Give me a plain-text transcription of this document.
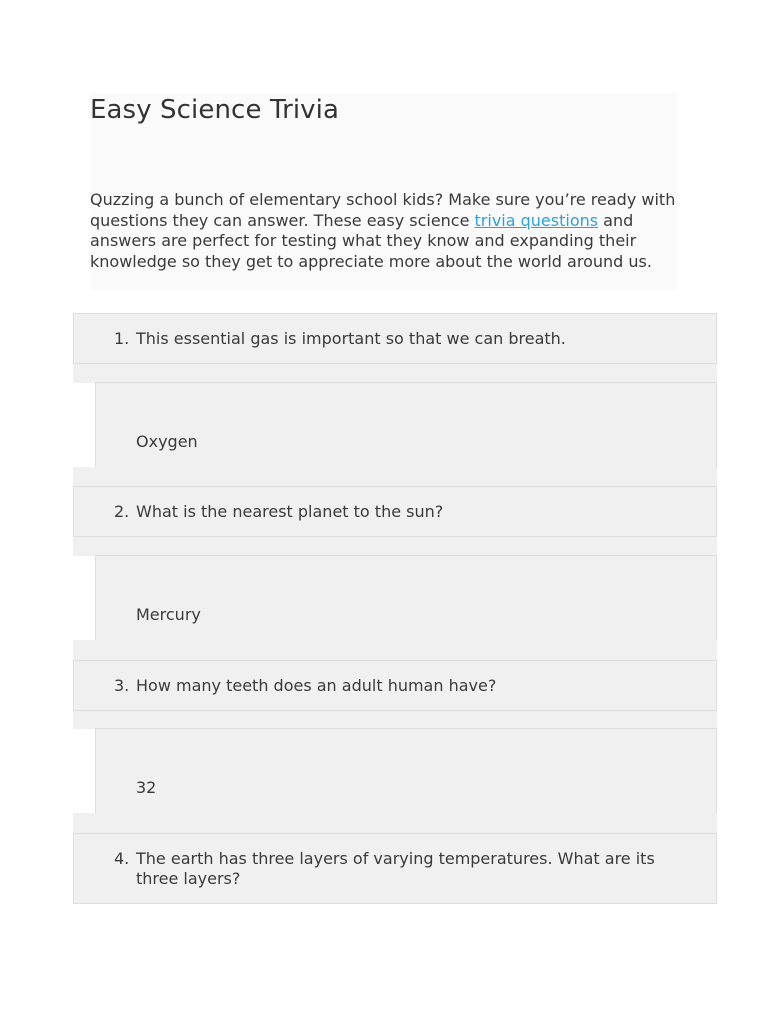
Easy Science Trivia

Quzzing a bunch of elementary school kids? Make sure you’re ready with questions they can answer. These easy science trivia questions and answers are perfect for testing what they know and expanding their knowledge so they get to appreciate more about the world around us.

1. This essential gas is important so that we can breath.
Oxygen
2. What is the nearest planet to the sun?
Mercury
3. How many teeth does an adult human have?
32
4. The earth has three layers of varying temperatures. What are its three layers?
